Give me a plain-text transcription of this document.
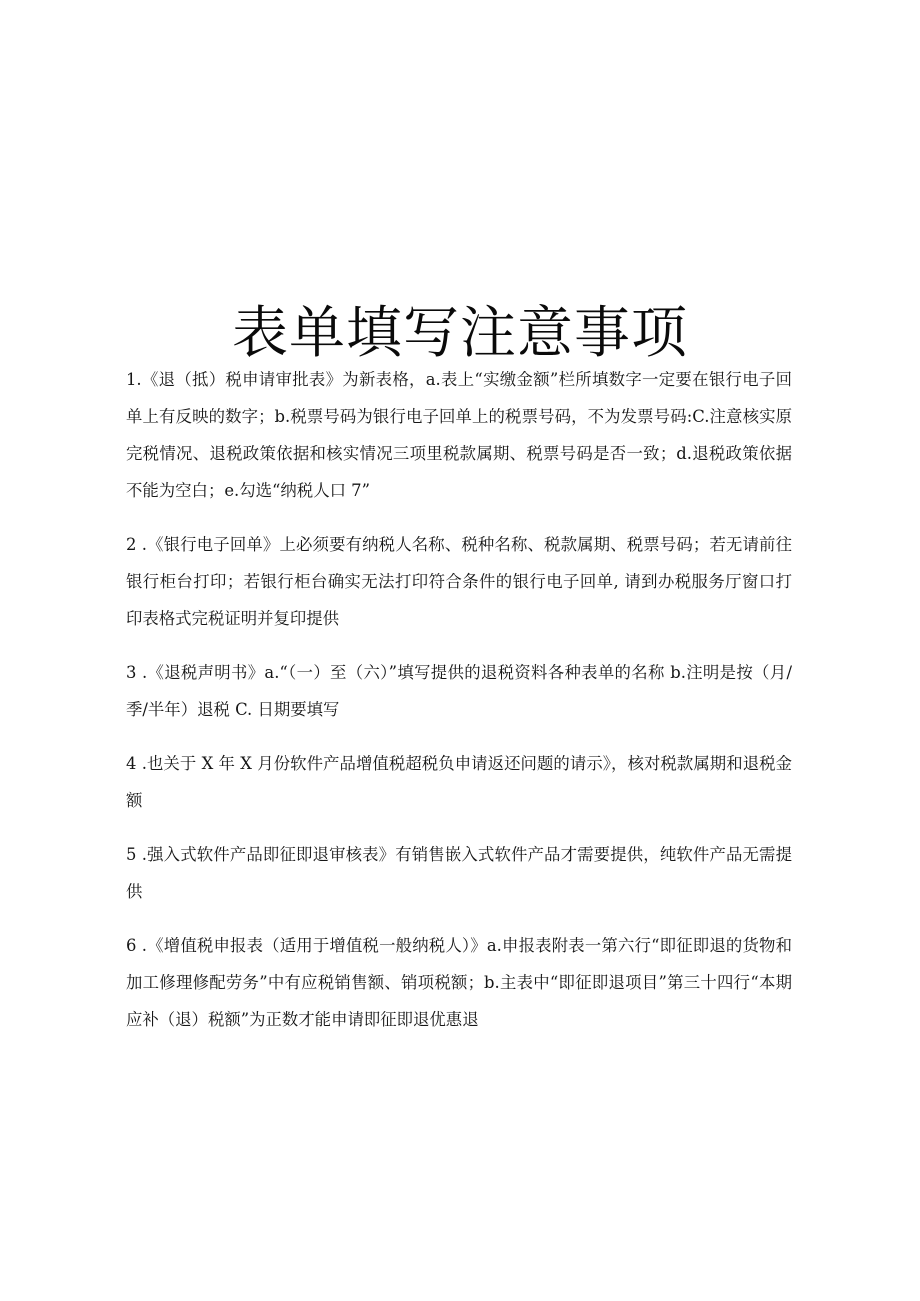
表单填写注意事项

1.《退（抵）税申请审批表》为新表格，a.表上“实缴金额”栏所填数字一定要在银行电子回单上有反映的数字；b.税票号码为银行电子回单上的税票号码，不为发票号码:C.注意核实原完税情况、退税政策依据和核实情况三项里税款属期、税票号码是否一致；d.退税政策依据不能为空白；e.勾选“纳税人口 7”

2 .《银行电子回单》上必须要有纳税人名称、税种名称、税款属期、税票号码；若无请前往银行柜台打印；若银行柜台确实无法打印符合条件的银行电子回单, 请到办税服务厅窗口打印表格式完税证明并复印提供

3 .《退税声明书》a.“（一）至（六）”填写提供的退税资料各种表单的名称 b.注明是按（月/季/半年）退税 C. 日期要填写

4 .也关于 X 年 X 月份软件产品增值税超税负申请返还问题的请示》，核对税款属期和退税金额

5 .强入式软件产品即征即退审核表》有销售嵌入式软件产品才需要提供，纯软件产品无需提供

6 .《增值税申报表（适用于增值税一般纳税人）》a.申报表附表一第六行“即征即退的货物和加工修理修配劳务”中有应税销售额、销项税额；b.主表中“即征即退项目”第三十四行“本期应补（退）税额”为正数才能申请即征即退优惠退
